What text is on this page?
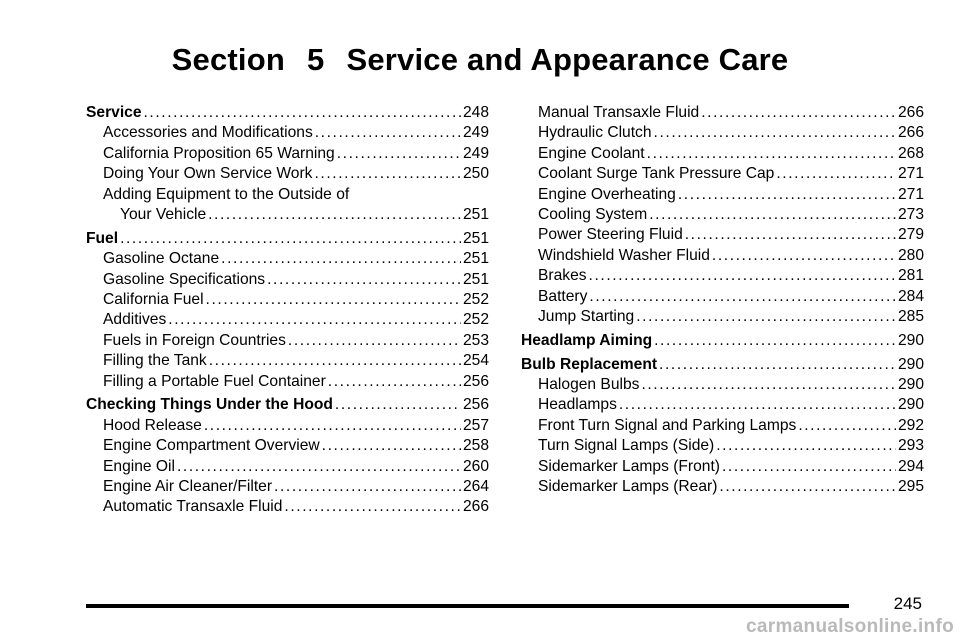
Section 5 Service and Appearance Care
Service .....	248
Accessories and Modifications .....	249
California Proposition 65 Warning .....	249
Doing Your Own Service Work .....	250
Adding Equipment to the Outside of
Your Vehicle .....	251
Fuel .....	251
Gasoline Octane .....	251
Gasoline Specifications .....	251
California Fuel .....	252
Additives .....	252
Fuels in Foreign Countries .....	253
Filling the Tank .....	254
Filling a Portable Fuel Container .....	256
Checking Things Under the Hood .....	256
Hood Release .....	257
Engine Compartment Overview .....	258
Engine Oil .....	260
Engine Air Cleaner/Filter .....	264
Automatic Transaxle Fluid .....	266
Manual Transaxle Fluid .....	266
Hydraulic Clutch .....	266
Engine Coolant .....	268
Coolant Surge Tank Pressure Cap .....	271
Engine Overheating .....	271
Cooling System .....	273
Power Steering Fluid .....	279
Windshield Washer Fluid .....	280
Brakes .....	281
Battery .....	284
Jump Starting .....	285
Headlamp Aiming .....	290
Bulb Replacement .....	290
Halogen Bulbs .....	290
Headlamps .....	290
Front Turn Signal and Parking Lamps .....	292
Turn Signal Lamps (Side) .....	293
Sidemarker Lamps (Front) .....	294
Sidemarker Lamps (Rear) .....	295
245
carmanualsonline.info
